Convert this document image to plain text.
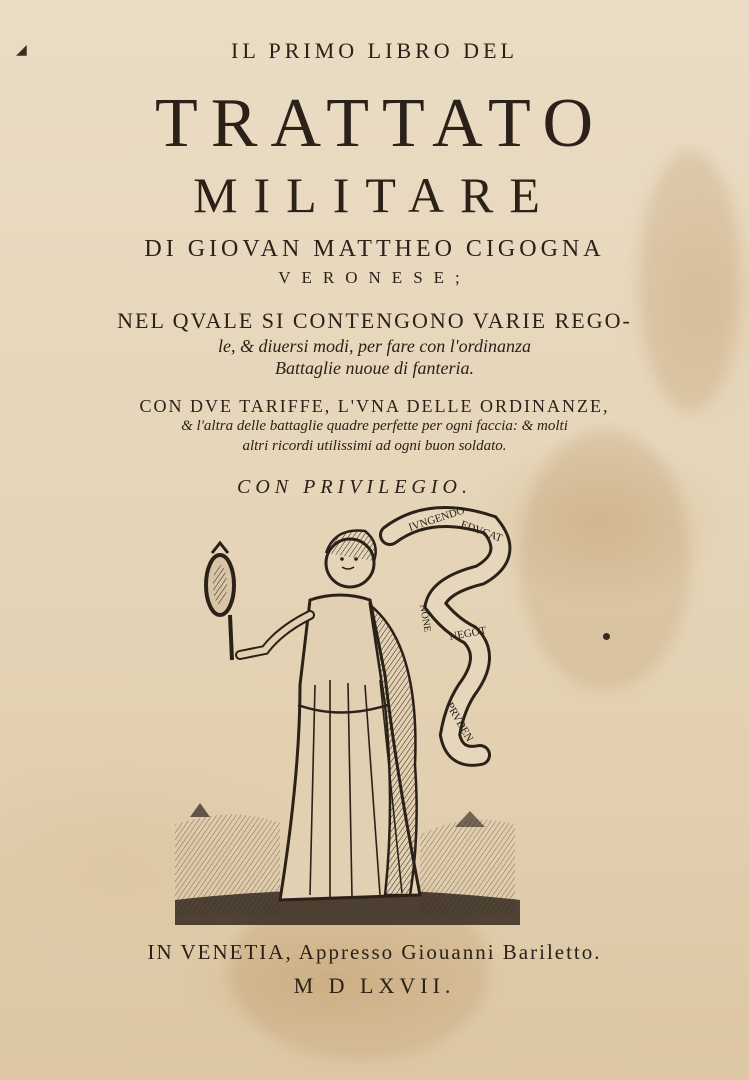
◢	IL PRIMO LIBRO DEL
TRATTATO
MILITARE
DI GIOVAN MATTHEO CIGOGNA
VERONESE;
NEL QVALE SI CONTENGONO VARIE REGO-
le, & diuersi modi, per fare con l'ordinanza
Battaglie nuoue di fanteria.
CON DVE TARIFFE, L'VNA DELLE ORDINANZE,
& l'altra delle battaglie quadre perfette per ogni faccia: & molti
altri ricordi utilissimi ad ogni buon soldato.
CON PRIVILEGIO.
IVNGENDO
EDVCAT
NONE
NEGOT
PRVDEN
IN VENETIA, Appresso Giouanni Bariletto.
M D LXVII.
